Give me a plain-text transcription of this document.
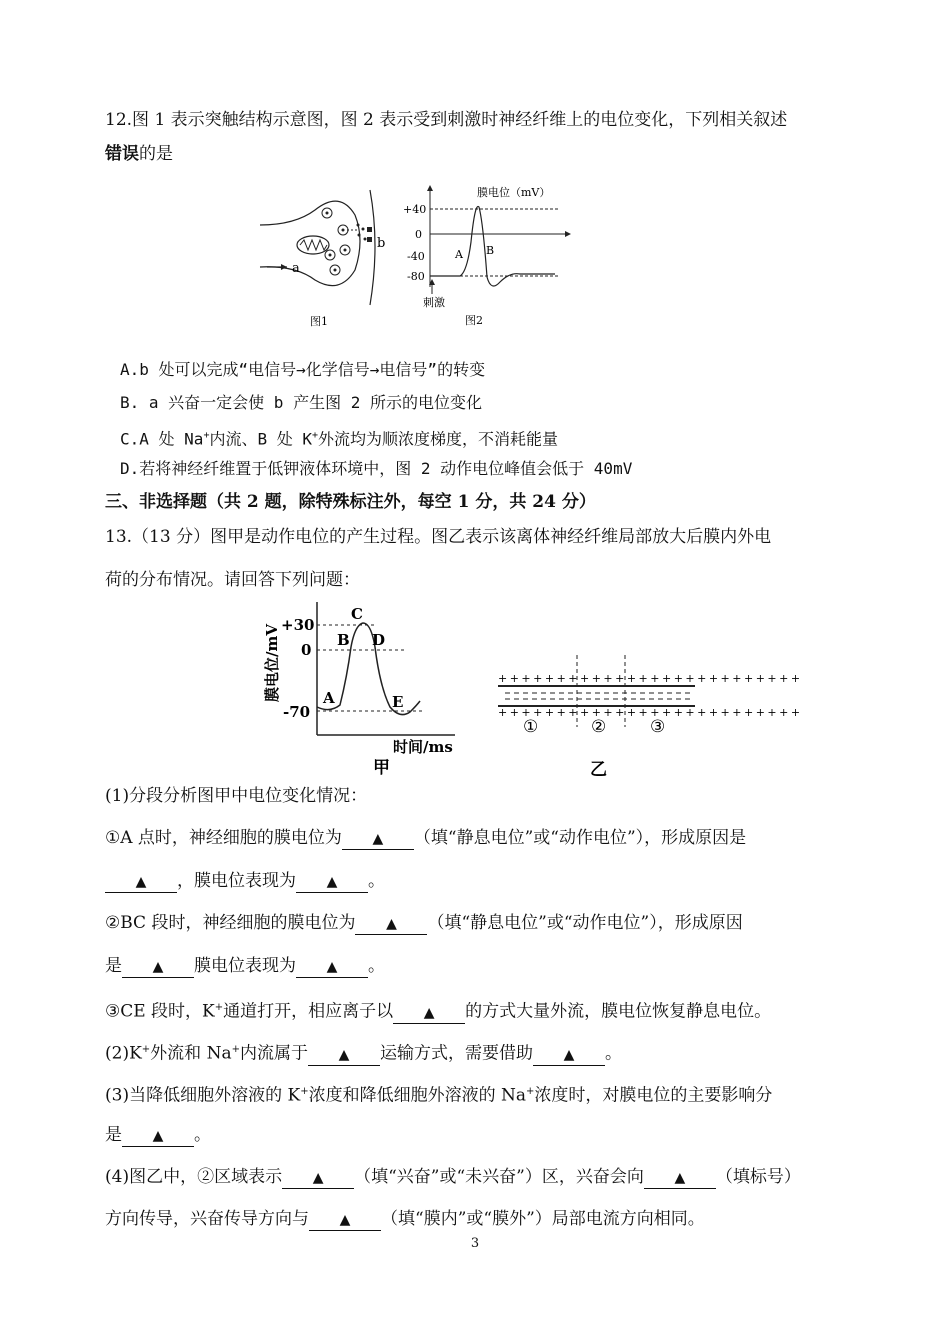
12.图 1 表示突触结构示意图，图 2 表示受到刺激时神经纤维上的电位变化，下列相关叙述
错误的是
a
b
图1
膜电位（mV）
+40
0
-40
-80
A B
刺激
图2
A.b 处可以完成“电信号→化学信号→电信号”的转变
B. a 兴奋一定会使 b 产生图 2 所示的电位变化
C.A 处 Na+内流、B 处 K+外流均为顺浓度梯度，不消耗能量
D.若将神经纤维置于低钾液体环境中，图 2 动作电位峰值会低于 40mV
三、非选择题（共 2 题，除特殊标注外，每空 1 分，共 24 分）
13.（13 分）图甲是动作电位的产生过程。图乙表示该离体神经纤维局部放大后膜内外电
荷的分布情况。请回答下列问题：
膜电位/mV +30
0
-70
A
B
C
D
E
时间/ms
甲
+ + + + + + + + + + + + + + + + + + + + + + + + + +
+ + + + + + + + + + + + + + + + + + + + + + + + + +
①	②	③
乙
(1)分段分析图甲中电位变化情况：
①A 点时，神经细胞的膜电位为 ▲ （填“静息电位”或“动作电位”），形成原因是
▲ ，膜电位表现为 ▲ 。
②BC 段时，神经细胞的膜电位为 ▲ （填“静息电位”或“动作电位”），形成原因
是 ▲ 膜电位表现为 ▲ 。
③CE 段时，K+通道打开，相应离子以 ▲ 的方式大量外流，膜电位恢复静息电位。
(2)K+外流和 Na+内流属于 ▲ 运输方式，需要借助 ▲ 。
(3)当降低细胞外溶液的 K+浓度和降低细胞外溶液的 Na+浓度时，对膜电位的主要影响分
是 ▲ 。
(4)图乙中，②区域表示 ▲ （填“兴奋”或“未兴奋”）区，兴奋会向 ▲ （填标号）
方向传导，兴奋传导方向与 ▲ （填“膜内”或“膜外”）局部电流方向相同。
3
